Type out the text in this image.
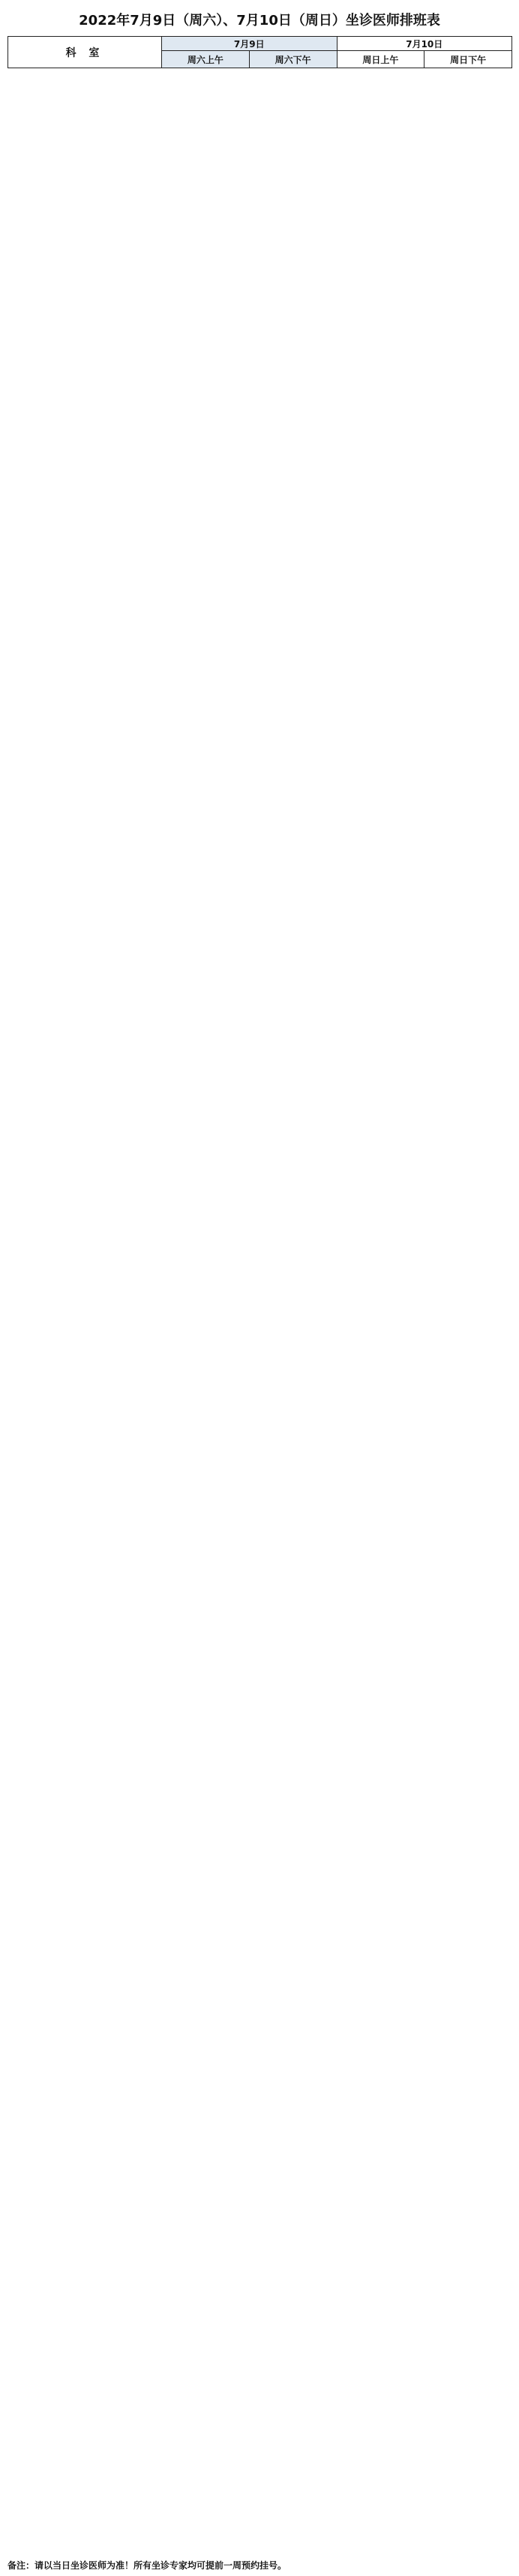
2022年7月9日（周六）、7月10日（周日）坐诊医师排班表
科 室	7月9日		7月10日	
	周六上午	周六下午	周日上午	周日下午
备注：请以当日坐诊医师为准！所有坐诊专家均可提前一周预约挂号。
